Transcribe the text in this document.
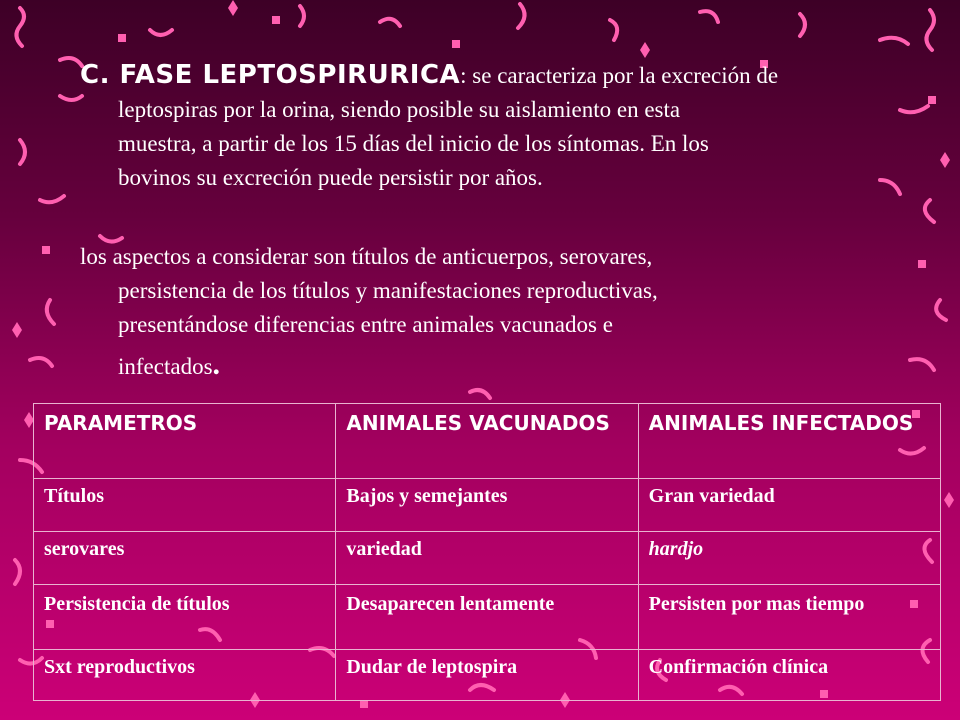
C. FASE LEPTOSPIRURICA: se caracteriza por la excreción de
leptospiras por la orina, siendo posible su aislamiento en esta
muestra, a partir de los 15 días del inicio de los síntomas. En los
bovinos su excreción puede persistir por años.
los aspectos a considerar son títulos de anticuerpos, serovares,
persistencia de los títulos y manifestaciones reproductivas,
presentándose diferencias entre animales vacunados e
infectados.
PARAMETROS	ANIMALES VACUNADOS	ANIMALES INFECTADOS
Títulos	Bajos y semejantes	Gran variedad
serovares	variedad	hardjo
Persistencia de títulos	Desaparecen lentamente	Persisten por mas tiempo
Sxt reproductivos	Dudar de leptospira	Confirmación clínica
